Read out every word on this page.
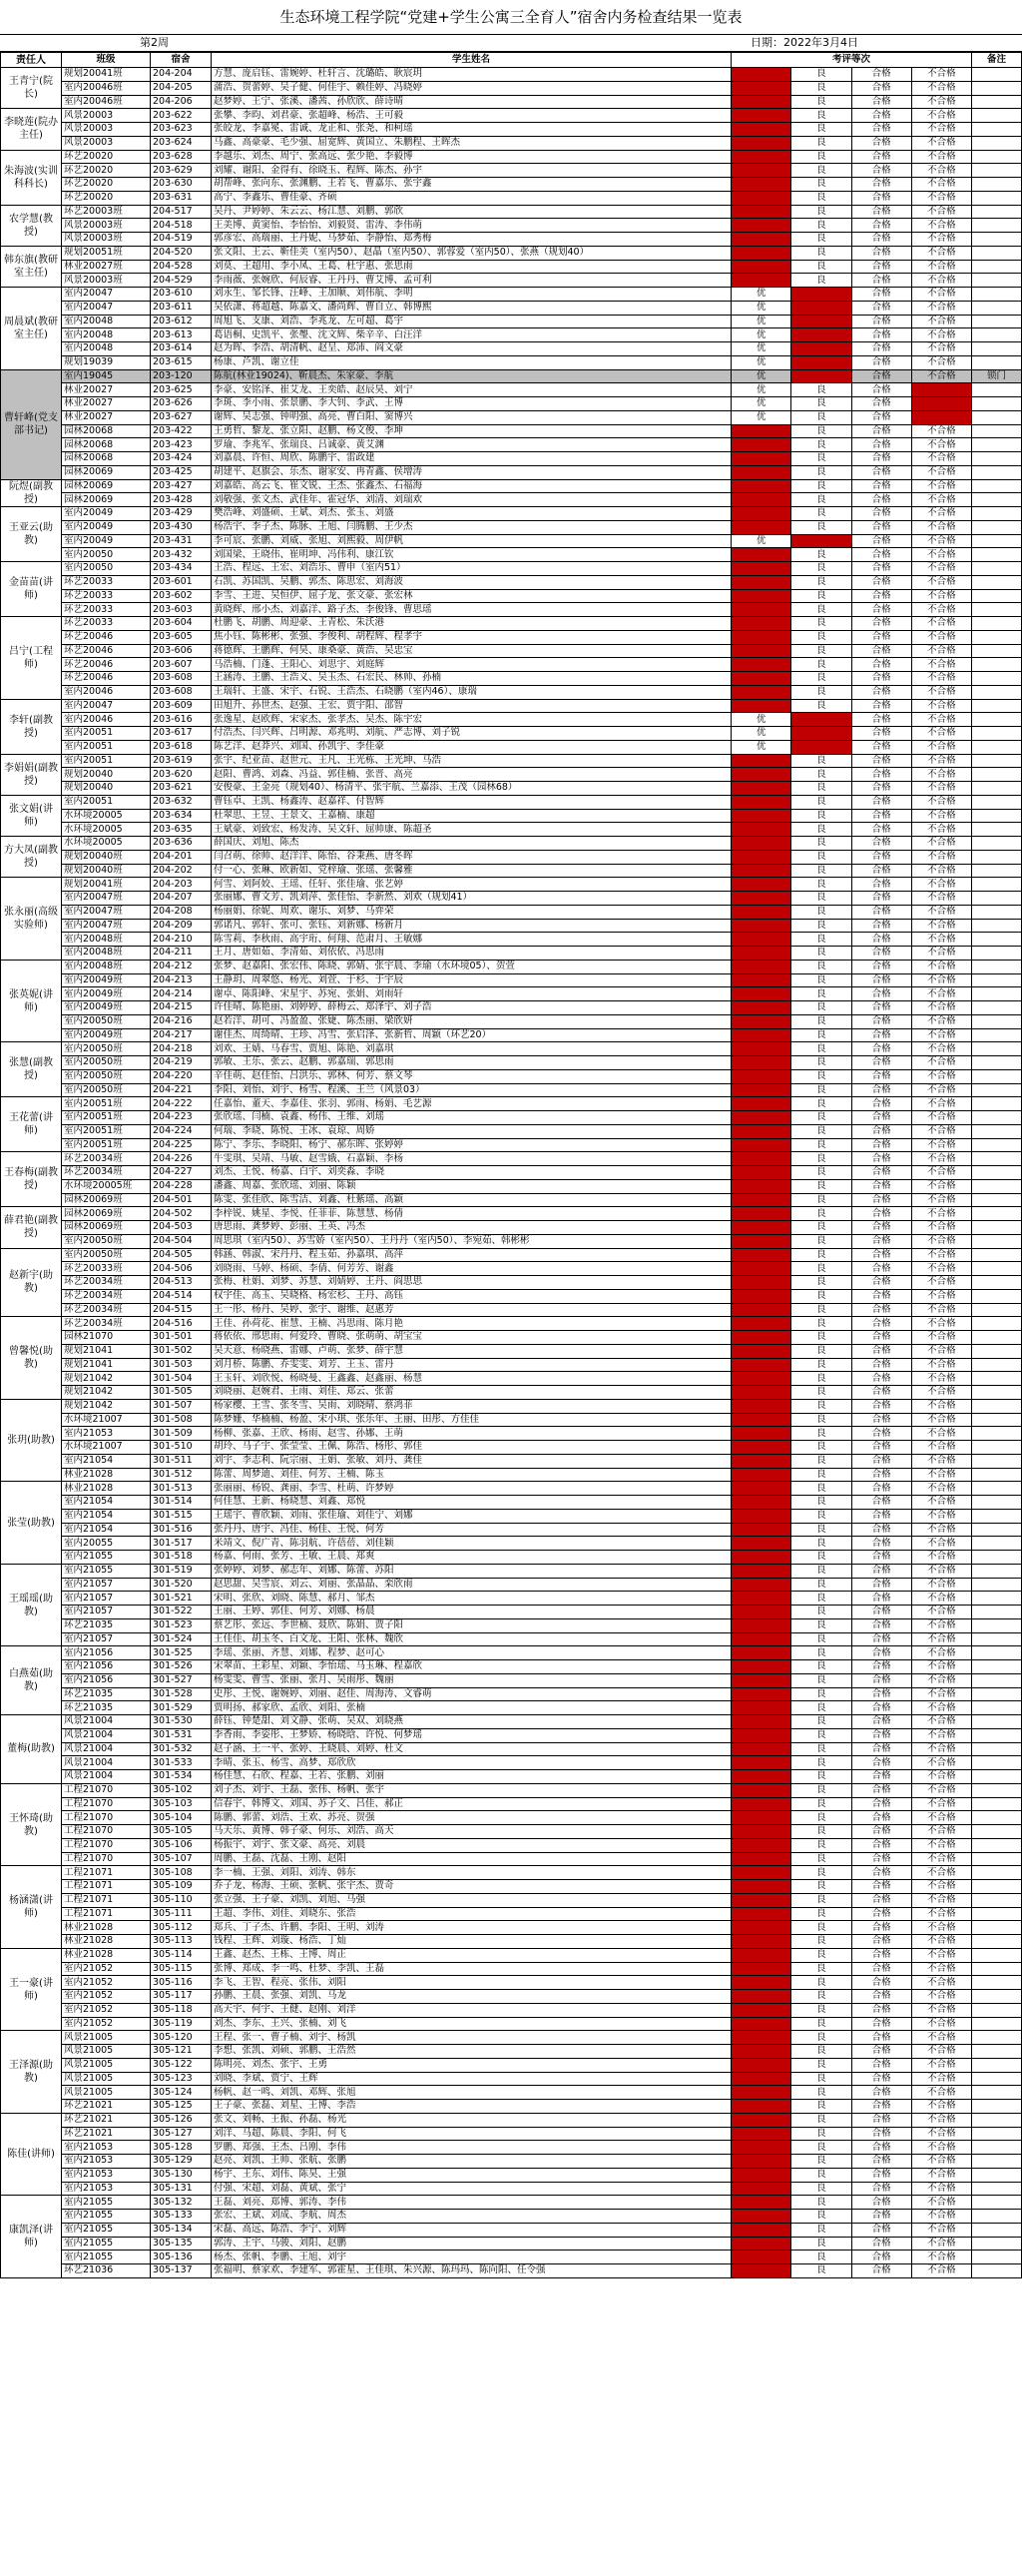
生态环境工程学院“党建+学生公寓三全育人”宿舍内务检查结果一览表
第2周	日期：2022年3月4日
责任人	班级	宿舍	学生姓名	考评等次				备注
王青宁(院长)	规划20041班	204-204	方慧、庞启钰、雷婉婷、杜轩言、沈璐皓、耿宸玥	优	良	合格	不合格	
	室内20046班	204-205	蒲浩、贺蕾婷、吴子健、何佳宇、赖佳婷、冯晓婷	优	良	合格	不合格	
	室内20046班	204-206	赵梦婷、王宁、张溪、潘茜、孙欣欣、薛诗晴	优	良	合格	不合格	
李晓莲(院办主任)	风景20003	203-622	张攀、李昀、刘君豪、张超峰、杨浩、王可毅	优	良	合格	不合格	
	风景20003	203-623	张皎龙、李嘉冕、雷诚、龙正和、张尧、和柯瑶	优	良	合格	不合格	
	风景20003	203-624	马鑫、高豪豪、毛少强、屈宽辉、黄国立、朱鹏程、王晖杰	优	良	合格	不合格	
朱海波(实训科科长)	环艺20020	203-628	李越乐、刘杰、周宁、张高远、张少艳、李毅博	优	良	合格	不合格	
	环艺20020	203-629	刘耀、谢阳、金得有、徐晓玉、程辉、陈杰、孙宇	优	良	合格	不合格	
	环艺20020	203-630	胡帮峰、张向东、张渊鹏、王若飞、曹嘉乐、张宇鑫	优	良	合格	不合格	
	环艺20020	203-631	高宁、李鑫乐、曹佳豪、齐硕	优	良	合格	不合格	
农学慧(教授)	环艺20003班	204-517	吴丹、尹婷婷、朱云云、杨江慧、刘鹏、郭欣	优	良	合格	不合格	
	风景20003班	204-518	王美博、黄窦怡、李怡怡、刘毅贤、雷涛、李伟萌	优	良	合格	不合格	
	风景20003班	204-519	郭彦宏、高瑞丽、王丹妮、马梦茹、李静怡、郑秀梅	优	良	合格	不合格	
韩东旗(教研室主任)	规划20051班	204-520	张文阳、王云、靳佳美（室内50）、赵晶（室内50）、郭蓉爱（室内50）、张燕（规划40）	优	良	合格	不合格	
	林业20027班	204-528	刘莫、王超用、李小凤、王葛、杜宇惠、张思雨	优	良	合格	不合格	
	风景20003班	204-529	李雨薇、张婉欣、何辰睿、王丹丹、曹艾博、孟可利	优	良	合格	不合格	
周晨斌(教研室主任)	室内20047	203-610	刘永生、邹长锋、汪峰、王加顺、刘伟航、李明	优	良	合格	不合格	
	室内20047	203-611	吴依潇、蒋超越、陈嘉文、潘尚辉、曹自立、韩博熙	优	良	合格	不合格	
	室内20048	203-612	周旭飞、支康、刘浩、李兆龙、左可超、葛宇	优	良	合格	不合格	
	室内20048	203-613	葛语桐、史凯平、张璺、沈文辉、柴辛辛、白汪洋	优	良	合格	不合格	
	室内20048	203-614	赵为晖、李浩、胡清帆、赵呈、郑沛、阎文豪	优	良	合格	不合格	
	规划19039	203-615	杨康、芦凯、谢立佳	优	良	合格	不合格	
曹轩峰(党支部书记)	室内19045	203-120	陈航(林业19024)、靳晨杰、朱家豪、李航	优	良	合格	不合格	锁门
	林业20027	203-625	李豪、安铭泽、崔艾龙、王奕皓、赵辰昊、刘宁	优	良	合格	不合格	
	林业20027	203-626	李斑、李小雨、张景鹏、李大钊、李武、王博	优	良	合格	不合格	
	林业20027	203-627	谢辉、吴志强、钟明强、高亮、曹白阳、窦博兴	优	良	合格	不合格	
	园林20068	203-422	王勇哲、黎龙、张立阳、赵鹏、杨文俊、李坤	优	良	合格	不合格	
	园林20068	203-423	罗瑜、李兆军、张瑞良、吕诚豪、黄艾渊	优	良	合格	不合格	
	园林20068	203-424	刘嘉晨、许恒、周欣、陈鹏宇、雷政建	优	良	合格	不合格	
	园林20069	203-425	胡建平、赵旗会、乐杰、谢家安、冉青鑫、侯增涛	优	良	合格	不合格	
阮煜(副教授)	园林20069	203-427	刘嘉皓、高云飞、崔文锐、王杰、张鑫杰、石福海	优	良	合格	不合格	
	园林20069	203-428	刘敬强、张文杰、武佳年、霍冠华、刘清、刘瑞欢	优	良	合格	不合格	
王亚云(助教)	室内20049	203-429	樊浩峰、刘盛硕、王斌、刘杰、张玉、刘盛	优	良	合格	不合格	
	室内20049	203-430	杨浩宇、李子杰、陈脉、王旭、闫腾鹏、王少杰	优	良	合格	不合格	
	室内20049	203-431	李可宸、张鹏、刘威、张旭、刘熙毅、周伊帆	优	良	合格	不合格	
	室内20050	203-432	刘国梁、王晓伟、崔明坤、冯伟利、康江钦	优	良	合格	不合格	
金苗苗(讲师)	室内20050	203-434	王浩、程远、王宏、刘浩乐、曹申（室内51）	优	良	合格	不合格	
	环艺20033	203-601	石凯、苏国凯、吴鹏、郭杰、陈思宏、刘海波	优	良	合格	不合格	
	环艺20033	203-602	李雪、王进、吴恒伊、屈子龙、张文豪、张宏林	优	良	合格	不合格	
	环艺20033	203-603	黄晓辉、邢小杰、刘嘉洋、路子杰、李俊锋、曹思瑶	优	良	合格	不合格	
吕宁(工程师)	环艺20033	203-604	杜鹏飞、胡鹏、周迎豪、王青松、朱沃港	优	良	合格	不合格	
	环艺20046	203-605	焦小钰、陈彬彬、张强、李俊利、胡程辉、程孝宇	优	良	合格	不合格	
	环艺20046	203-606	蒋德辉、王鹏辉、何昊、康桑豪、黄浩、吴忠宝	优	良	合格	不合格	
	环艺20046	203-607	马浩楠、门蓬、王阳心、刘思宇、刘庭辉	优	良	合格	不合格	
	环艺20046	203-608	王涵涛、王鹏、王浩义、吴玉杰、石宏民、林帅、孙楠	优	良	合格	不合格	
	室内20046	203-608	王瑞轩、王盛、宋宇、石锐、王浩杰、石晓鹏（室内46）、康瑞	优	良	合格	不合格	
李轩(副教授)	室内20047	203-609	田旭升、孙世杰、赵强、王宏、贾宇阳、邵智	优	良	合格	不合格	
	室内20046	203-616	张逸星、赵欧辉、宋家杰、张孝杰、吴杰、陈宇宏	优	良	合格	不合格	
	室内20051	203-617	付浩杰、闫兴辉、吕明源、邓兆明、刘航、严志博、刘子锐	优	良	合格	不合格	
	室内20051	203-618	陈艺洋、赵莽兴、刘国、孙凯宇、李佳豪	优	良	合格	不合格	
李娟娟(副教授)	室内20051	203-619	张宇、纪亚苗、赵世元、王凡、王光栋、王光坤、马浩	优	良	合格	不合格	
	规划20040	203-620	赵阳、曹鸿、刘森、冯益、郭佳楠、张晋、高亮	优	良	合格	不合格	
	规划20040	203-621	安俊豪、王金亮（规划40）、杨清平、张宇航、兰嘉添、王茂（园林68）	优	良	合格	不合格	
张文娟(讲师)	室内20051	203-632	曹钰卓、王凯、杨鑫涛、赵嘉祥、付智辉	优	良	合格	不合格	
	水环境20005	203-634	杜翠思、王昱、王景文、王嘉楠、康超	优	良	合格	不合格	
	水环境20005	203-635	王斌豪、刘致宏、杨发涛、吴文轩、屈帅康、陈超圣	优	良	合格	不合格	
方大凤(副教授)	水环境20005	203-636	薛国庆、刘旭、陈杰	优	良	合格	不合格	
	规划20040班	204-201	闫召萌、徐帅、赵洋洋、陈怡、谷秉燕、唐冬晖	优	良	合格	不合格	
	规划20040班	204-202	付一心、张琳、欧新如、党梓瑜、张瑶、张馨雅	优	良	合格	不合格	
张永丽(高级实验师)	规划20041班	204-203	何雪、刘阿姣、王瑶、任轩、张佳瑜、张艺婷	优	良	合格	不合格	
	室内20047班	204-207	张丽娜、曹文芳、凯刘萍、张佳怡、李新然、刘欢（规划41）	优	良	合格	不合格	
	室内20047班	204-208	杨丽娟、徐妮、周欢、谢乐、刘梦、马弈荣	优	良	合格	不合格	
	室内20047班	204-209	郭诺凡、郭轩、张可、张钰、刘新娜、杨新月	优	良	合格	不合格	
	室内20048班	204-210	陈雪莉、李秋雨、高宇珩、何翔、范肃月、王敏娜	优	良	合格	不合格	
	室内20048班	204-211	王月、唐如茹、李清茹、刘依依、冯思雨	优	良	合格	不合格	
张英妮(讲师)	室内20048班	204-212	张梦、赵嘉阳、张宏伟、陈晓、郭婧、张宇晨、李瑜（水环境05）、贺萱	优	良	合格	不合格	
	室内20049班	204-213	王静玥、周翠悠、杨光、刘萱、于杉、于宇辰	优	良	合格	不合格	
	室内20049班	204-214	谢卓、陈阳峰、宋星宇、苏宛、张娟、刘雨轩	优	良	合格	不合格	
	室内20049班	204-215	许佳晴、陈艳丽、刘婷婷、薛梅云、郑泽宇、刘子浩	优	良	合格	不合格	
	室内20050班	204-216	赵若洋、胡可、冯盈盈、张婕、陈杰丽、梁欣妍	优	良	合格	不合格	
	室内20049班	204-217	谢佳杰、周绮晴、王珍、冯雪、张启泽、张新哲、周颖（环艺20）	优	良	合格	不合格	
张慧(副教授)	室内20050班	204-218	刘欢、王婧、马春雪、贾旭、陈艳、刘嘉琪	优	良	合格	不合格	
	室内20050班	204-219	郭敏、王乐、张云、赵鹏、郭嘉瑞、郭思雨	优	良	合格	不合格	
	室内20050班	204-220	辛佳萌、赵佳怡、吕洪乐、郭林、何芳、蔡文琴	优	良	合格	不合格	
	室内20050班	204-221	李阳、刘怡、刘宇、杨雪、程溪、王兰（风景03）	优	良	合格	不合格	
王花蕾(讲师)	室内20051班	204-222	任嘉怡、董天、李嘉佳、张羽、郭雨、杨娟、毛艺源	优	良	合格	不合格	
	室内20051班	204-223	张欣瑶、闫楠、袁鑫、杨伟、王维、刘瑶	优	良	合格	不合格	
	室内20051班	204-224	何瑞、李晓、陈悦、王冰、袁琼、周娇	优	良	合格	不合格	
	室内20051班	204-225	陈宁、李乐、李晓阳、杨宁、郝东晖、张婷婷	优	良	合格	不合格	
王春梅(副教授)	环艺20034班	204-226	牛雯琪、吴靖、马敏、赵雪娥、石嘉颖、李杨	优	良	合格	不合格	
	环艺20034班	204-227	刘杰、王悦、杨嘉、白宇、刘奕淼、李晓	优	良	合格	不合格	
	水环境20005班	204-228	潘鑫、周嘉、张欣瑶、刘丽、陈颖	优	良	合格	不合格	
	园林20069班	204-501	陈雯、张佳欣、陈雪洁、刘鑫、杜紫瑶、高颖	优	良	合格	不合格	
薛君艳(副教授)	园林20069班	204-502	李梓锐、姚星、李悦、任菲菲、陈慧慧、杨倩	优	良	合格	不合格	
	园林20069班	204-503	唐思雨、龚梦婷、彭丽、王英、冯杰	优	良	合格	不合格	
	室内20050班	204-504	周思琪（室内50）、苏雪娇（室内50）、王丹丹（室内50）、李宛茹、韩彬彬	优	良	合格	不合格	
赵新宇(助教)	室内20050班	204-505	韩涵、韩淑、宋丹丹、程玉茹、孙嘉琪、高萍	优	良	合格	不合格	
	环艺20033班	204-506	刘晓雨、马婷、杨硕、李倩、何芳芳、谢鑫	优	良	合格	不合格	
	环艺20034班	204-513	张梅、杜娟、刘梦、苏慧、刘婧婷、王丹、阎思思	优	良	合格	不合格	
	环艺20034班	204-514	权宇佳、高玉、吴晓格、杨宏杉、王丹、高钰	优	良	合格	不合格	
	环艺20034班	204-515	王一彤、杨丹、吴婷、张宇、谢维、赵惠芳	优	良	合格	不合格	
曾馨悦(助教)	环艺20034班	204-516	王佳、孙荷花、崔慧、王楠、冯思雨、陈月艳	优	良	合格	不合格	
	园林21070	301-501	蒋依依、邢思雨、何爱玲、曹晓、张萌萌、胡宝宝	优	良	合格	不合格	
	规划21041	301-502	吴天意、杨晓燕、雷娜、卢萌、张梦、薛宇慧	优	良	合格	不合格	
	规划21041	301-503	刘月桥、陈鹏、乔雯雯、刘芳、王玉、雷丹	优	良	合格	不合格	
	规划21042	301-504	王玉轩、刘欣悦、杨晓曼、王鑫鑫、赵鑫丽、杨慧	优	良	合格	不合格	
	规划21042	301-505	刘晓丽、赵婉君、王雨、刘佳、郑云、张蕾	优	良	合格	不合格	
张玥(助教)	规划21042	301-507	杨家樱、王雪、张冬雪、吴雨、刘晓晴、蔡鸿菲	优	良	合格	不合格	
	水环境21007	301-508	陈梦姗、华楠楠、杨盈、宋小琪、张乐年、王丽、田彤、方佳佳	优	良	合格	不合格	
	室内21053	301-509	杨柳、张嘉、王欣、杨雨、赵雪、孙娜、王萌	优	良	合格	不合格	
	水环境21007	301-510	胡玲、马子宇、张莹莹、王佩、陈浩、杨彤、郭佳	优	良	合格	不合格	
	室内21054	301-511	刘宇、李志利、阮宗丽、王娟、张敏、刘丹、龚佳	优	良	合格	不合格	
	林业21028	301-512	陈蕾、周梦迪、刘佳、何芳、王楠、陈玉	优	良	合格	不合格	
张莹(助教)	林业21028	301-513	张丽丽、杨锐、龚丽、李雪、杜萌、许梦婷	优	良	合格	不合格	
	室内21054	301-514	何佳慧、王新、杨晓慧、刘鑫、郑悦	优	良	合格	不合格	
	室内21054	301-515	王瑶宇、曹欣颖、刘雨、张佳瑜、刘佳宁、刘娜	优	良	合格	不合格	
	室内21054	301-516	张丹丹、唐宇、冯佳、杨佳、王悦、何芳	优	良	合格	不合格	
	室内20055	301-517	米靖文、倪广青、陈羽航、许蓓蓓、刘佳颖	优	良	合格	不合格	
	室内21055	301-518	杨嘉、何雨、张芳、王敏、王晨、郑爽	优	良	合格	不合格	
王瑶瑶(助教)	室内21055	301-519	张婷婷、刘梦、郝志年、刘娜、陈蕾、苏阳	优	良	合格	不合格	
	室内21057	301-520	赵思甜、吴雪宸、刘云、刘丽、张晶晶、栾欣雨	优	良	合格	不合格	
	室内21057	301-521	宋明、张欣、刘晓、陈慧、郝月、邹杰	优	良	合格	不合格	
	室内21057	301-522	王丽、王婷、郭佳、何芳、刘娜、杨晨	优	良	合格	不合格	
	环艺21035	301-523	蔡艺彤、张远、李世楠、聂欣、陈娟、贾子阳	优	良	合格	不合格	
	室内21057	301-524	王佳佳、胡玉冬、白文龙、王阳、张林、魏欣	优	良	合格	不合格	
白燕茹(助教)	室内21056	301-525	李瑶、张丽、齐慧、刘娜、程梦、赵可心	优	良	合格	不合格	
	室内21056	301-526	宋翠苗、王彩星、刘颖、李怡瑶、马玉琳、程嘉欣	优	良	合格	不合格	
	室内21056	301-527	杨雯雯、曹雪、张丽、张月、吴雨彤、魏丽	优	良	合格	不合格	
	环艺21035	301-528	史彤、王悦、谢婉婷、刘丽、赵佳、周海涛、文睿萌	优	良	合格	不合格	
	环艺21035	301-529	贾明扬、郝家欣、孟欣、刘阳、张楠	优	良	合格	不合格	
董梅(助教)	风景21004	301-530	薛钰、钟楚甜、刘文静、张萌、吴双、刘晓燕	优	良	合格	不合格	
	风景21004	301-531	李香雨、李姿彤、王梦娇、杨晓晗、许悦、何梦瑶	优	良	合格	不合格	
	风景21004	301-532	赵子涵、王一平、张婷、王晓晨、刘婷、杜文	优	良	合格	不合格	
	风景21004	301-533	李晴、张玉、杨雪、高梦、郑欣欣	优	良	合格	不合格	
	风景21004	301-534	杨佳慧、石欣、程嘉、王若、张鹏、刘丽	优	良	合格	不合格	
王怀琦(助教)	工程21070	305-102	刘子杰、刘宇、王磊、张伟、杨帆、张宇	优	良	合格	不合格	
	工程21070	305-103	信春宇、韩博文、刘国、苏子文、吕佳、郝正	优	良	合格	不合格	
	工程21070	305-104	陈鹏、郭蕾、刘浩、王欢、苏亮、贺强	优	良	合格	不合格	
	工程21070	305-105	马天乐、黄博、韩子豪、何乐、刘浩、高天	优	良	合格	不合格	
	工程21070	305-106	杨振宇、刘宇、张文豪、高亮、刘晨	优	良	合格	不合格	
	工程21070	305-107	周鹏、王磊、沈磊、王刚、赵阳	优	良	合格	不合格	
杨涵潇(讲师)	工程21071	305-108	李一楠、王强、刘阳、刘涛、韩东	优	良	合格	不合格	
	工程21071	305-109	乔子龙、杨海、王硕、张帆、张宇杰、贾奇	优	良	合格	不合格	
	工程21071	305-110	张立强、王子豪、刘凯、刘旭、马强	优	良	合格	不合格	
	工程21071	305-111	王超、李伟、刘佳、刘晓东、张浩	优	良	合格	不合格	
	林业21028	305-112	郑兵、丁子杰、许鹏、李阳、王明、刘涛	优	良	合格	不合格	
	林业21028	305-113	钱程、王辉、刘璇、杨浩、丁灿	优	良	合格	不合格	
王一豪(讲师)	林业21028	305-114	王鑫、赵杰、王栋、王博、周正	优	良	合格	不合格	
	室内21052	305-115	张博、郑成、李一鸣、杜梦、李凯、王磊	优	良	合格	不合格	
	室内21052	305-116	李飞、王智、程亮、张伟、刘阳	优	良	合格	不合格	
	室内21052	305-117	孙鹏、王晨、张强、刘凯、马龙	优	良	合格	不合格	
	室内21052	305-118	高天宇、何宇、王健、赵刚、刘洋	优	良	合格	不合格	
	室内21052	305-119	刘杰、李东、王兴、张楠、刘飞	优	良	合格	不合格	
王泽源(助教)	风景21005	305-120	王程、张一、曹子楠、刘宇、杨凯	优	良	合格	不合格	
	风景21005	305-121	李想、张凯、刘硕、郭鹏、王浩然	优	良	合格	不合格	
	风景21005	305-122	陈明亮、刘杰、张宇、王勇	优	良	合格	不合格	
	风景21005	305-123	刘晓、李斌、贾宁、王辉	优	良	合格	不合格	
	风景21005	305-124	杨帆、赵一鸣、刘凯、邓辉、张旭	优	良	合格	不合格	
	环艺21021	305-125	王子豪、张磊、刘星、王博、李浩	优	良	合格	不合格	
陈佳(讲师)	环艺21021	305-126	张文、刘畅、王振、孙磊、杨光	优	良	合格	不合格	
	环艺21021	305-127	刘洋、马超、陈晨、李阳、何飞	优	良	合格	不合格	
	室内21053	305-128	罗鹏、郑强、王杰、吕刚、李伟	优	良	合格	不合格	
	室内21053	305-129	赵亮、刘凯、王帅、张航、张鹏	优	良	合格	不合格	
	室内21053	305-130	杨宇、王东、刘伟、陈昊、王强	优	良	合格	不合格	
	室内21053	305-131	付强、宋超、刘磊、黄斌、张宁	优	良	合格	不合格	
康凯泽(讲师)	室内21055	305-132	王磊、刘亮、郑博、郭涛、李伟	优	良	合格	不合格	
	室内21055	305-133	张宏、王斌、刘成、李航、周杰	优	良	合格	不合格	
	室内21055	305-134	宋磊、高远、陈浩、李宁、刘辉	优	良	合格	不合格	
	室内21055	305-135	郭涛、王宇、马骏、刘阳、赵鹏	优	良	合格	不合格	
	室内21055	305-136	杨杰、张帆、李鹏、王旭、刘宇	优	良	合格	不合格	
	环艺21036	305-137	张福明、蔡家欢、李建军、郭霍星、王佳琪、朱兴源、陈玛玛、陈向阳、任令强	优	良	合格	不合格	
